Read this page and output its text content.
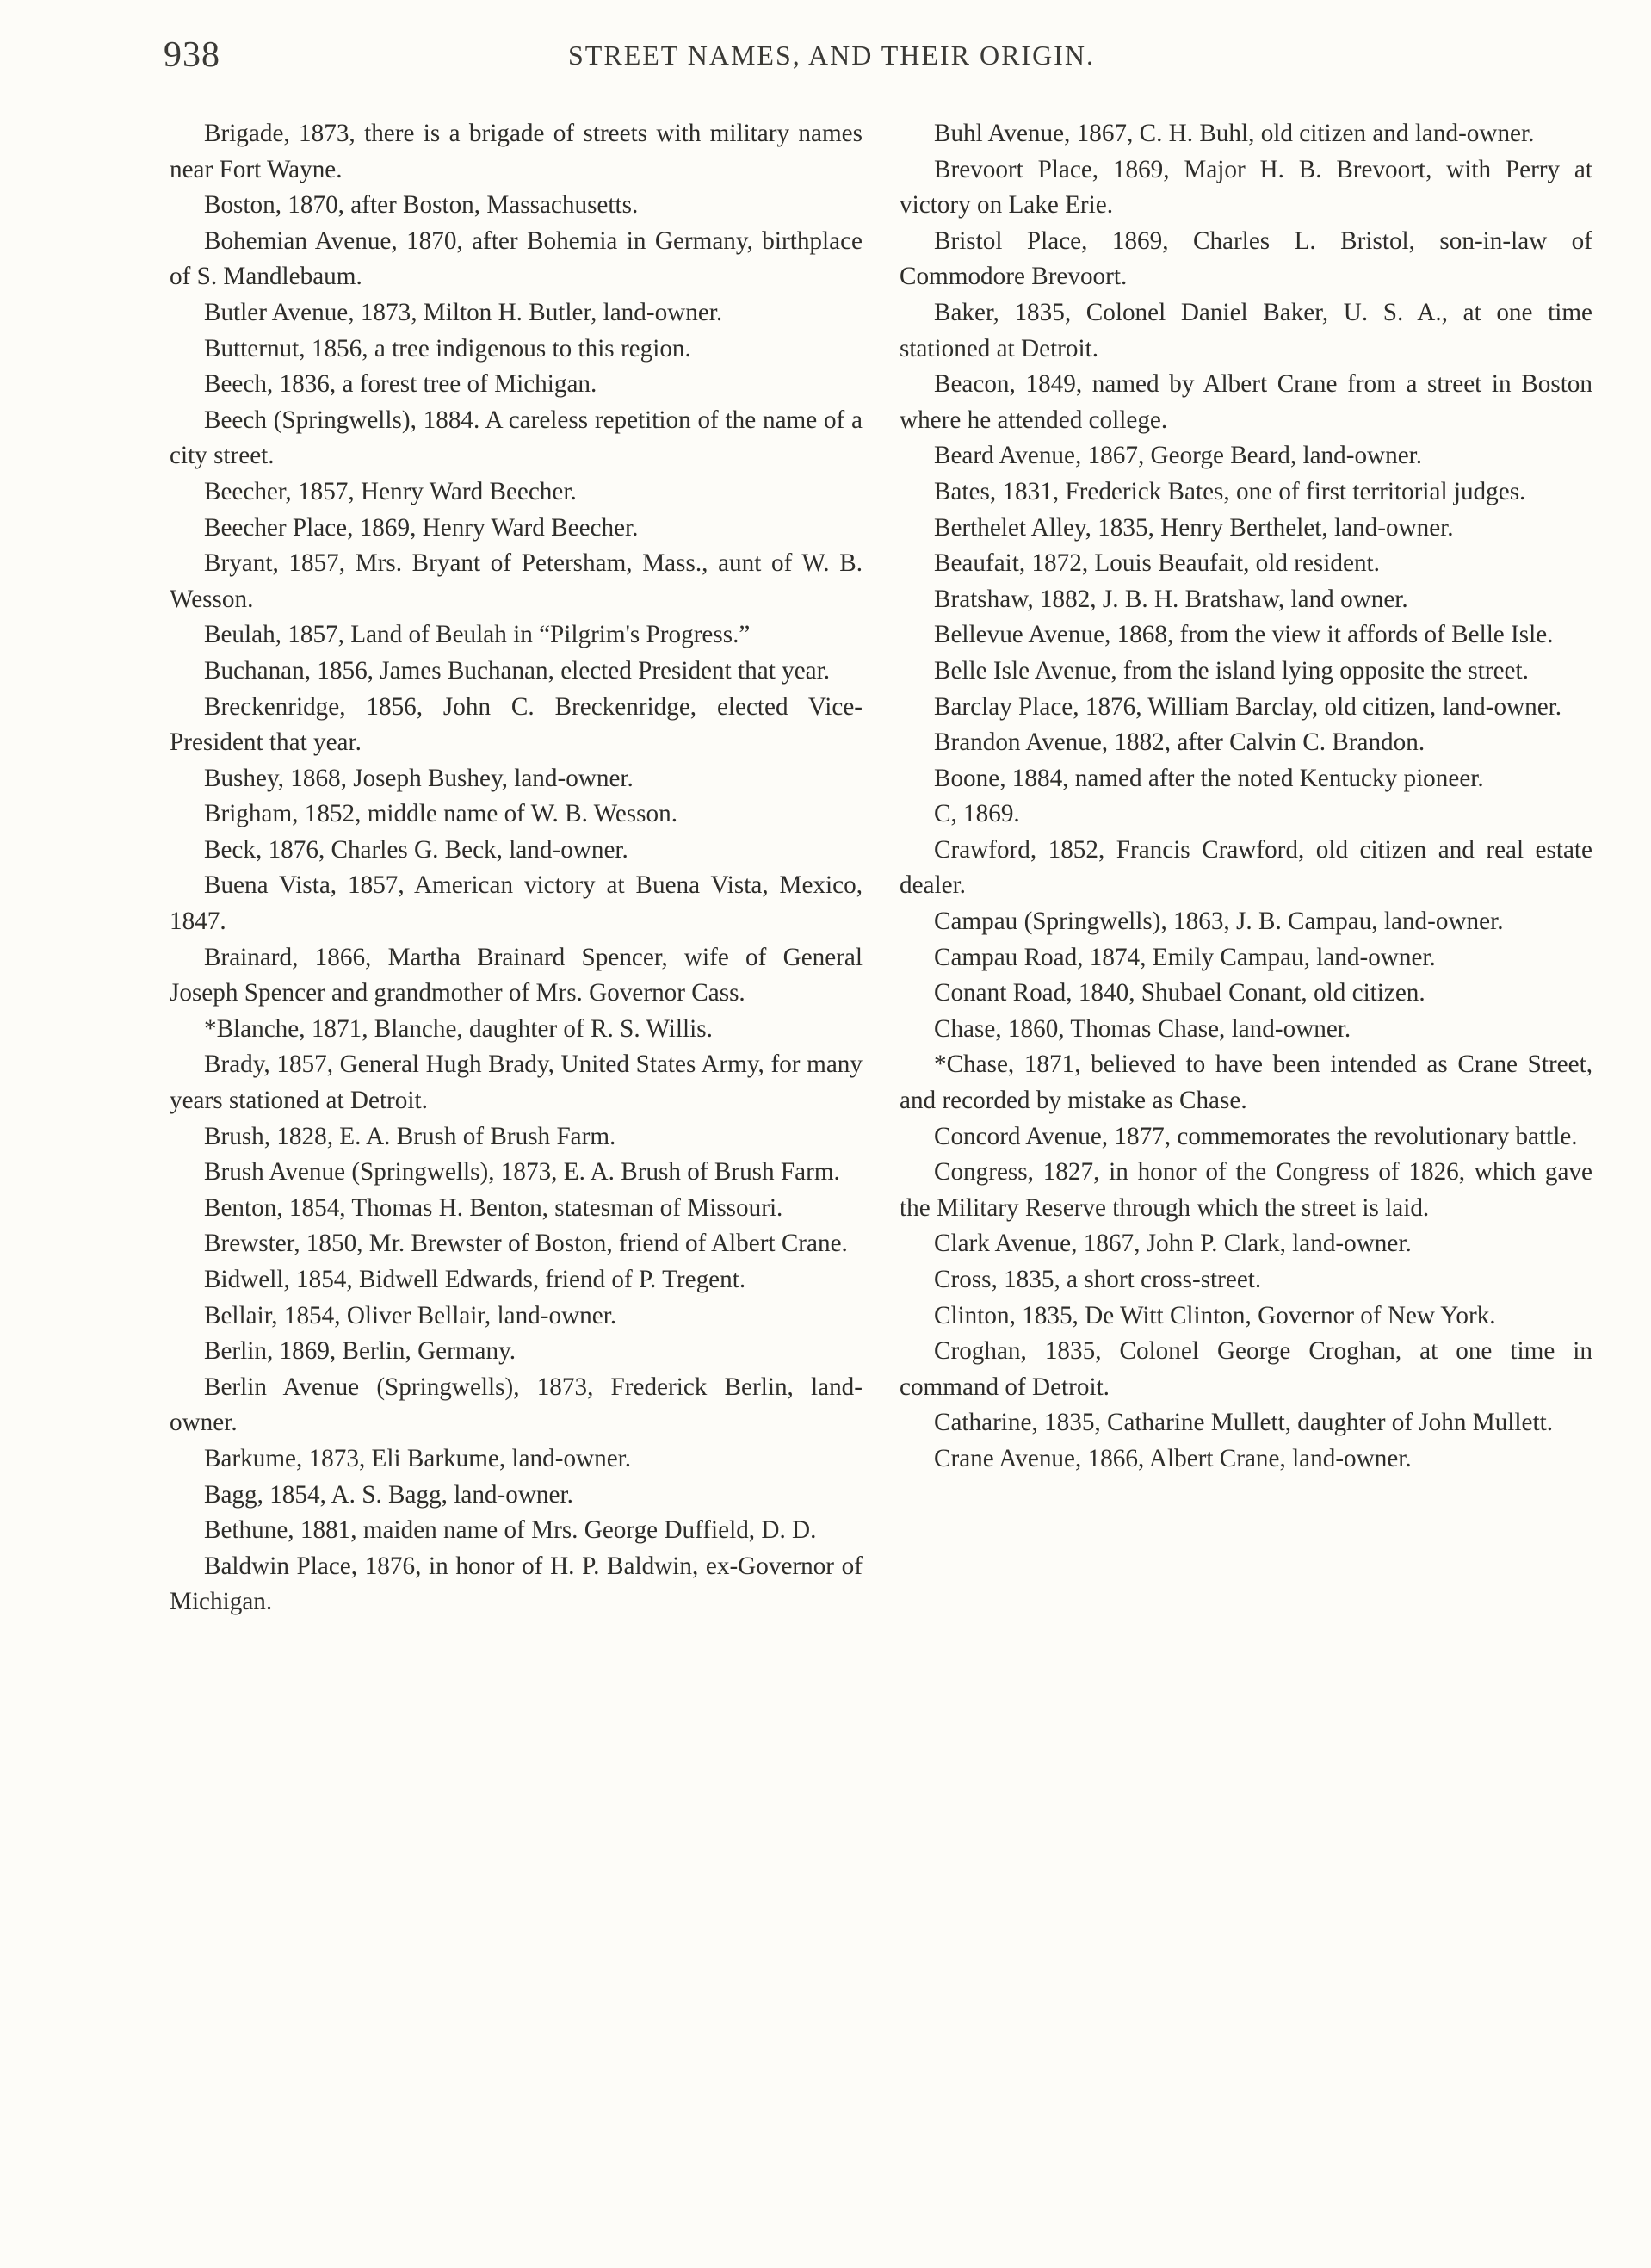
938	STREET NAMES, AND THEIR ORIGIN.

Brigade, 1873, there is a brigade of streets with military names near Fort Wayne.

Boston, 1870, after Boston, Massachusetts.

Bohemian Avenue, 1870, after Bohemia in Germany, birthplace of S. Mandlebaum.

Butler Avenue, 1873, Milton H. Butler, land-owner.

Butternut, 1856, a tree indigenous to this region.

Beech, 1836, a forest tree of Michigan.

Beech (Springwells), 1884. A careless repetition of the name of a city street.

Beecher, 1857, Henry Ward Beecher.

Beecher Place, 1869, Henry Ward Beecher.

Bryant, 1857, Mrs. Bryant of Petersham, Mass., aunt of W. B. Wesson.

Beulah, 1857, Land of Beulah in “Pilgrim's Progress.”

Buchanan, 1856, James Buchanan, elected President that year.

Breckenridge, 1856, John C. Breckenridge, elected Vice-President that year.

Bushey, 1868, Joseph Bushey, land-owner.

Brigham, 1852, middle name of W. B. Wesson.

Beck, 1876, Charles G. Beck, land-owner.

Buena Vista, 1857, American victory at Buena Vista, Mexico, 1847.

Brainard, 1866, Martha Brainard Spencer, wife of General Joseph Spencer and grandmother of Mrs. Governor Cass.

*Blanche, 1871, Blanche, daughter of R. S. Willis.

Brady, 1857, General Hugh Brady, United States Army, for many years stationed at Detroit.

Brush, 1828, E. A. Brush of Brush Farm.

Brush Avenue (Springwells), 1873, E. A. Brush of Brush Farm.

Benton, 1854, Thomas H. Benton, statesman of Missouri.

Brewster, 1850, Mr. Brewster of Boston, friend of Albert Crane.

Bidwell, 1854, Bidwell Edwards, friend of P. Tregent.

Bellair, 1854, Oliver Bellair, land-owner.

Berlin, 1869, Berlin, Germany.

Berlin Avenue (Springwells), 1873, Frederick Berlin, land-owner.

Barkume, 1873, Eli Barkume, land-owner.

Bagg, 1854, A. S. Bagg, land-owner.

Bethune, 1881, maiden name of Mrs. George Duffield, D. D.

Baldwin Place, 1876, in honor of H. P. Baldwin, ex-Governor of Michigan.

Buhl Avenue, 1867, C. H. Buhl, old citizen and land-owner.

Brevoort Place, 1869, Major H. B. Brevoort, with Perry at victory on Lake Erie.

Bristol Place, 1869, Charles L. Bristol, son-in-law of Commodore Brevoort.

Baker, 1835, Colonel Daniel Baker, U. S. A., at one time stationed at Detroit.

Beacon, 1849, named by Albert Crane from a street in Boston where he attended college.

Beard Avenue, 1867, George Beard, land-owner.

Bates, 1831, Frederick Bates, one of first territorial judges.

Berthelet Alley, 1835, Henry Berthelet, land-owner.

Beaufait, 1872, Louis Beaufait, old resident.

Bratshaw, 1882, J. B. H. Bratshaw, land owner.

Bellevue Avenue, 1868, from the view it affords of Belle Isle.

Belle Isle Avenue, from the island lying opposite the street.

Barclay Place, 1876, William Barclay, old citizen, land-owner.

Brandon Avenue, 1882, after Calvin C. Brandon.

Boone, 1884, named after the noted Kentucky pioneer.

C, 1869.

Crawford, 1852, Francis Crawford, old citizen and real estate dealer.

Campau (Springwells), 1863, J. B. Campau, land-owner.

Campau Road, 1874, Emily Campau, land-owner.

Conant Road, 1840, Shubael Conant, old citizen.

Chase, 1860, Thomas Chase, land-owner.

*Chase, 1871, believed to have been intended as Crane Street, and recorded by mistake as Chase.

Concord Avenue, 1877, commemorates the revolutionary battle.

Congress, 1827, in honor of the Congress of 1826, which gave the Military Reserve through which the street is laid.

Clark Avenue, 1867, John P. Clark, land-owner.

Cross, 1835, a short cross-street.

Clinton, 1835, De Witt Clinton, Governor of New York.

Croghan, 1835, Colonel George Croghan, at one time in command of Detroit.

Catharine, 1835, Catharine Mullett, daughter of John Mullett.

Crane Avenue, 1866, Albert Crane, land-owner.
